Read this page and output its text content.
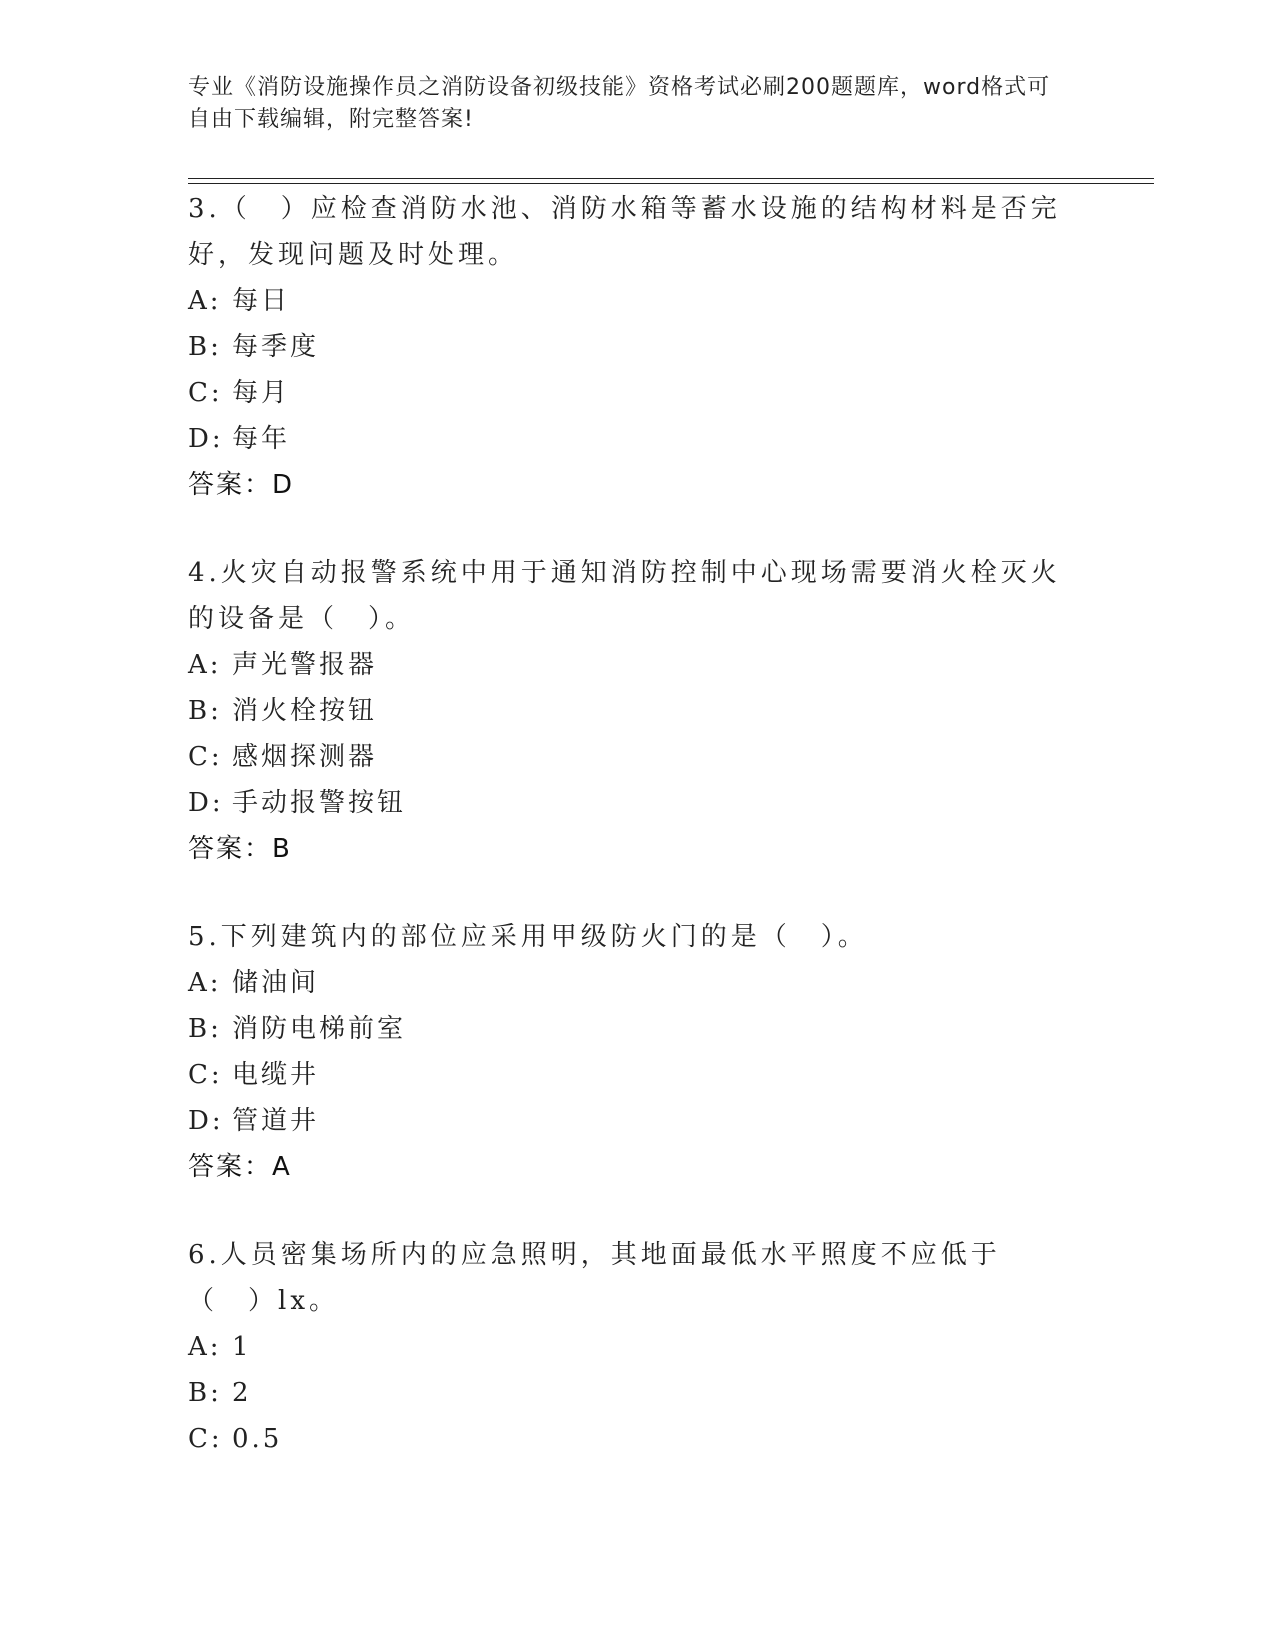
专业《消防设施操作员之消防设备初级技能》资格考试必刷200题题库，word格式可自由下载编辑，附完整答案!
3.（　）应检查消防水池、消防水箱等蓄水设施的结构材料是否完好，发现问题及时处理。
A: 每日
B: 每季度
C: 每月
D: 每年
答案：D
4.火灾自动报警系统中用于通知消防控制中心现场需要消火栓灭火的设备是（　）。
A: 声光警报器
B: 消火栓按钮
C: 感烟探测器
D: 手动报警按钮
答案：B
5.下列建筑内的部位应采用甲级防火门的是（　）。
A: 储油间
B: 消防电梯前室
C: 电缆井
D: 管道井
答案：A
6.人员密集场所内的应急照明，其地面最低水平照度不应低于（　）lx。
A: 1
B: 2
C: 0.5
